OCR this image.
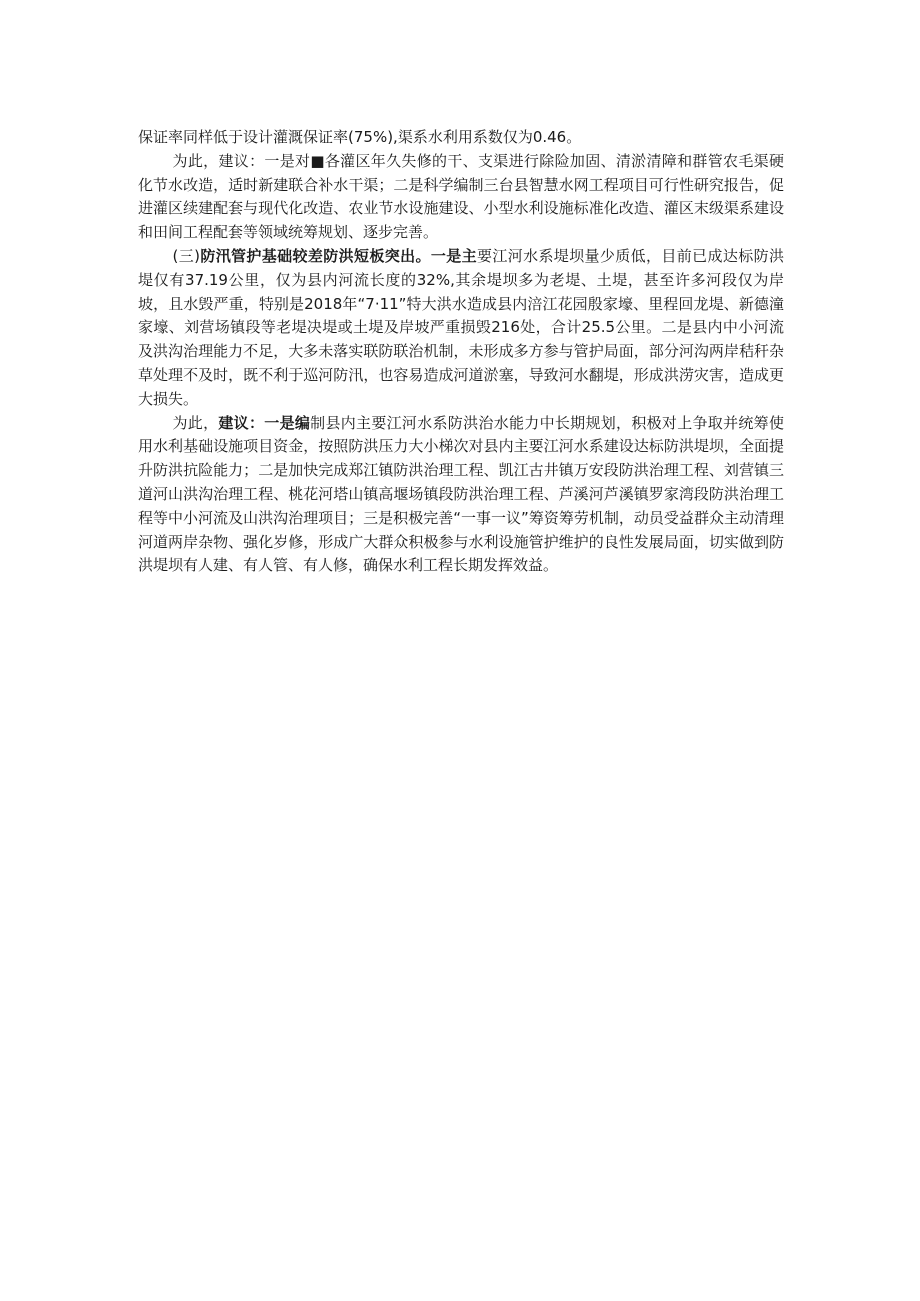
保证率同样低于设计灌溉保证率(75%),渠系水利用系数仅为0.46。

为此，建议：一是对■各灌区年久失修的干、支渠进行除险加固、清淤清障和群管农毛渠硬化节水改造，适时新建联合补水干渠；二是科学编制三台县智慧水网工程项目可行性研究报告，促进灌区续建配套与现代化改造、农业节水设施建设、小型水利设施标准化改造、灌区末级渠系建设和田间工程配套等领域统筹规划、逐步完善。

(三)防汛管护基础较差防洪短板突出。一是主要江河水系堤坝量少质低，目前已成达标防洪堤仅有37.19公里，仅为县内河流长度的32%,其余堤坝多为老堤、土堤，甚至许多河段仅为岸坡，且水毁严重，特别是2018年“7·11”特大洪水造成县内涪江花园殷家壕、里程回龙堤、新德潼家壕、刘营场镇段等老堤决堤或土堤及岸坡严重损毁216处，合计25.5公里。二是县内中小河流及洪沟治理能力不足，大多未落实联防联治机制，未形成多方参与管护局面，部分河沟两岸秸秆杂草处理不及时，既不利于巡河防汛，也容易造成河道淤塞，导致河水翻堤，形成洪涝灾害，造成更大损失。

为此，建议：一是编制县内主要江河水系防洪治水能力中长期规划，积极对上争取并统筹使用水利基础设施项目资金，按照防洪压力大小梯次对县内主要江河水系建设达标防洪堤坝，全面提升防洪抗险能力；二是加快完成郑江镇防洪治理工程、凯江古井镇万安段防洪治理工程、刘营镇三道河山洪沟治理工程、桃花河塔山镇高堰场镇段防洪治理工程、芦溪河芦溪镇罗家湾段防洪治理工程等中小河流及山洪沟治理项目；三是积极完善“一事一议”筹资筹劳机制，动员受益群众主动清理河道两岸杂物、强化岁修，形成广大群众积极参与水利设施管护维护的良性发展局面，切实做到防洪堤坝有人建、有人管、有人修，确保水利工程长期发挥效益。
